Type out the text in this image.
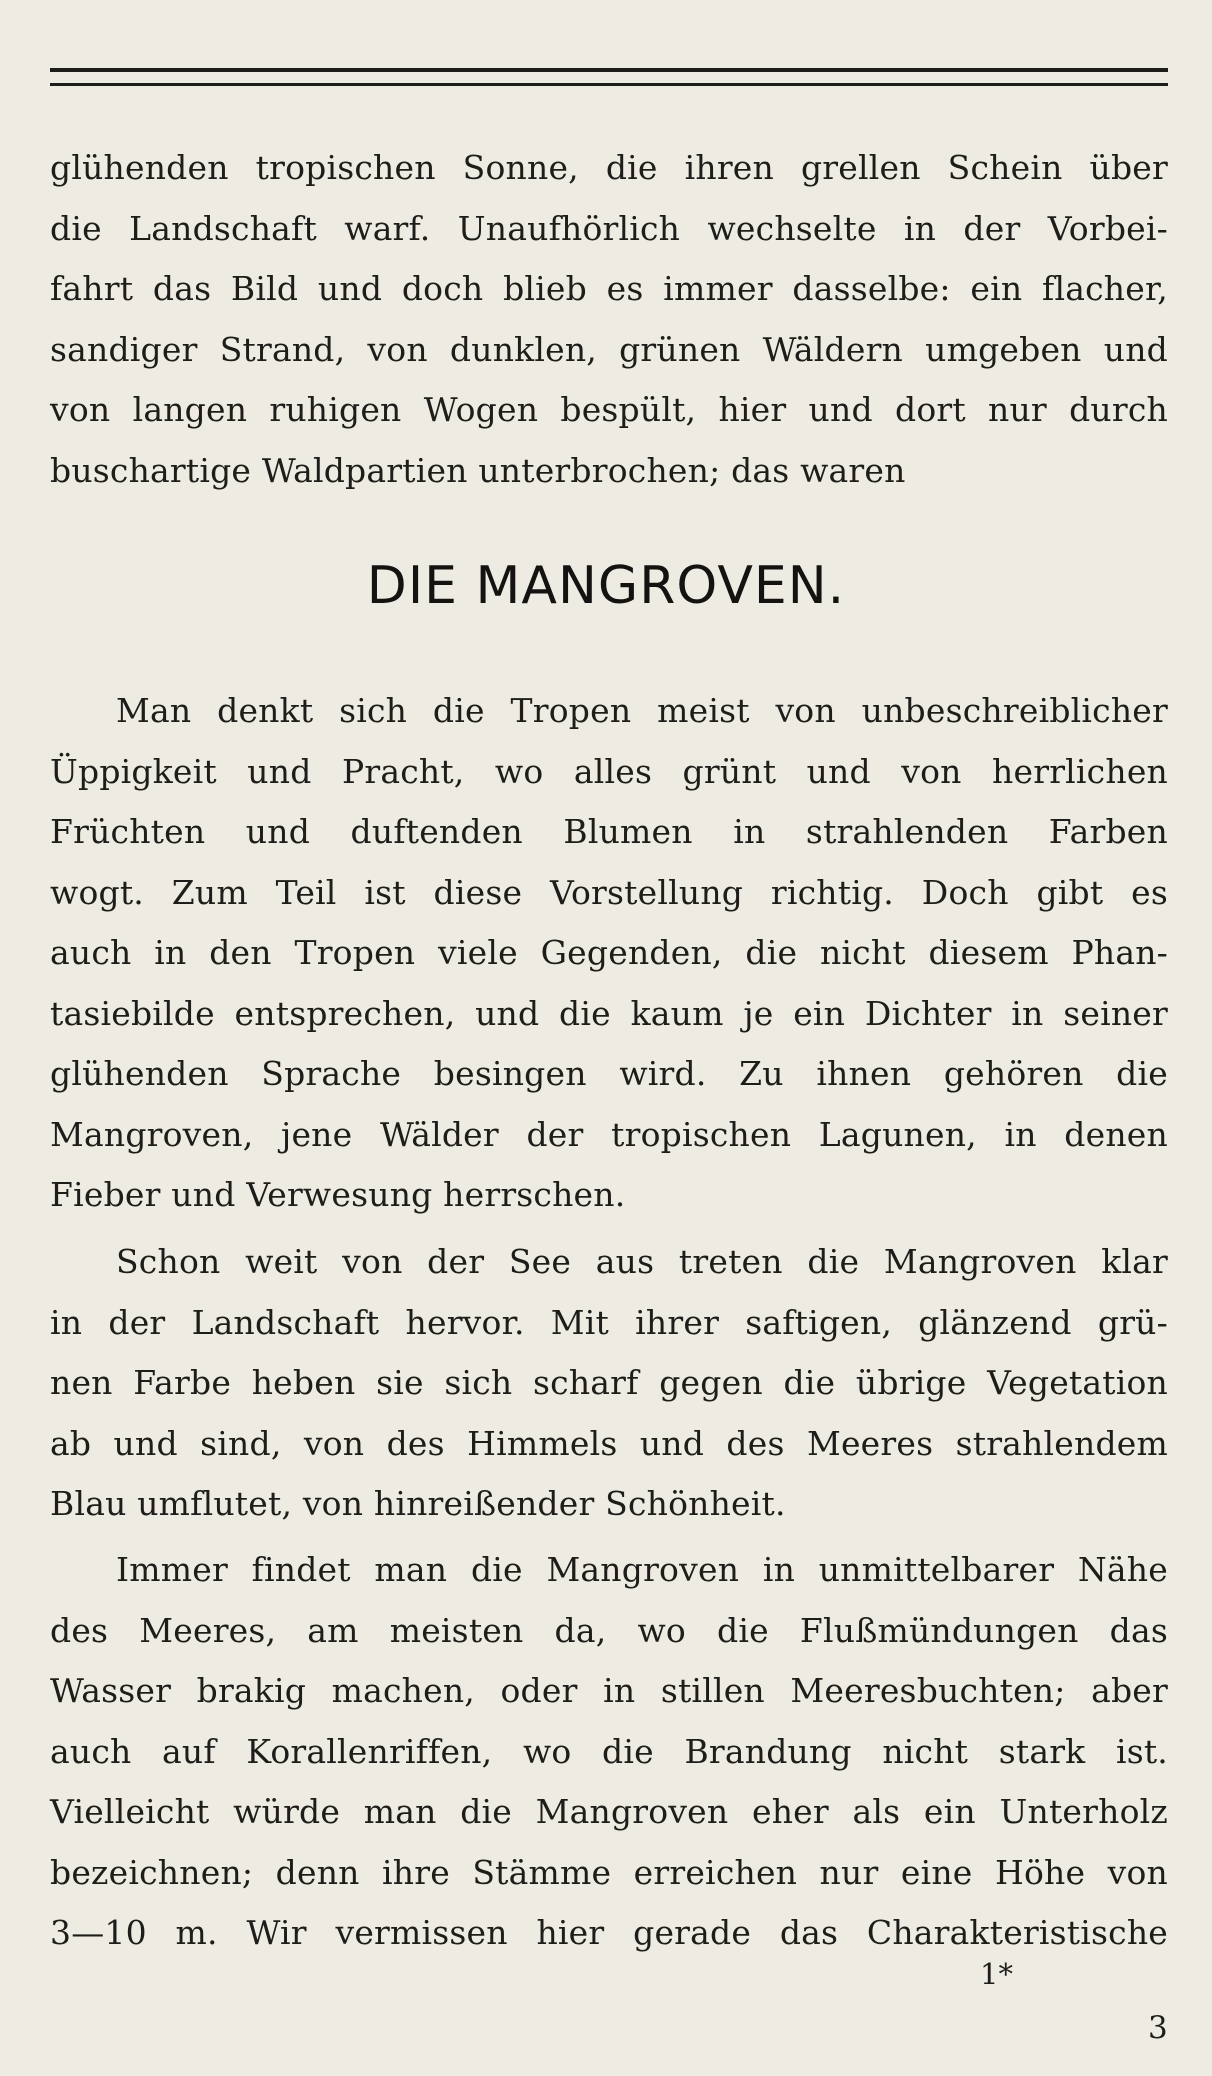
glühenden tropischen Sonne, die ihren grellen Schein über
die Landschaft warf. Unaufhörlich wechselte in der Vorbei-
fahrt das Bild und doch blieb es immer dasselbe: ein flacher,
sandiger Strand, von dunklen, grünen Wäldern umgeben und
von langen ruhigen Wogen bespült, hier und dort nur durch
buschartige Waldpartien unterbrochen; das waren
DIE MANGROVEN.
Man denkt sich die Tropen meist von unbeschreiblicher
Üppigkeit und Pracht, wo alles grünt und von herrlichen
Früchten und duftenden Blumen in strahlenden Farben
wogt. Zum Teil ist diese Vorstellung richtig. Doch gibt es
auch in den Tropen viele Gegenden, die nicht diesem Phan-
tasiebilde entsprechen, und die kaum je ein Dichter in seiner
glühenden Sprache besingen wird. Zu ihnen gehören die
Mangroven, jene Wälder der tropischen Lagunen, in denen
Fieber und Verwesung herrschen.
Schon weit von der See aus treten die Mangroven klar
in der Landschaft hervor. Mit ihrer saftigen, glänzend grü-
nen Farbe heben sie sich scharf gegen die übrige Vegetation
ab und sind, von des Himmels und des Meeres strahlendem
Blau umflutet, von hinreißender Schönheit.
Immer findet man die Mangroven in unmittelbarer Nähe
des Meeres, am meisten da, wo die Flußmündungen das
Wasser brakig machen, oder in stillen Meeresbuchten; aber
auch auf Korallenriffen, wo die Brandung nicht stark ist.
Vielleicht würde man die Mangroven eher als ein Unterholz
bezeichnen; denn ihre Stämme erreichen nur eine Höhe von
3—10 m. Wir vermissen hier gerade das Charakteristische
1*
3
